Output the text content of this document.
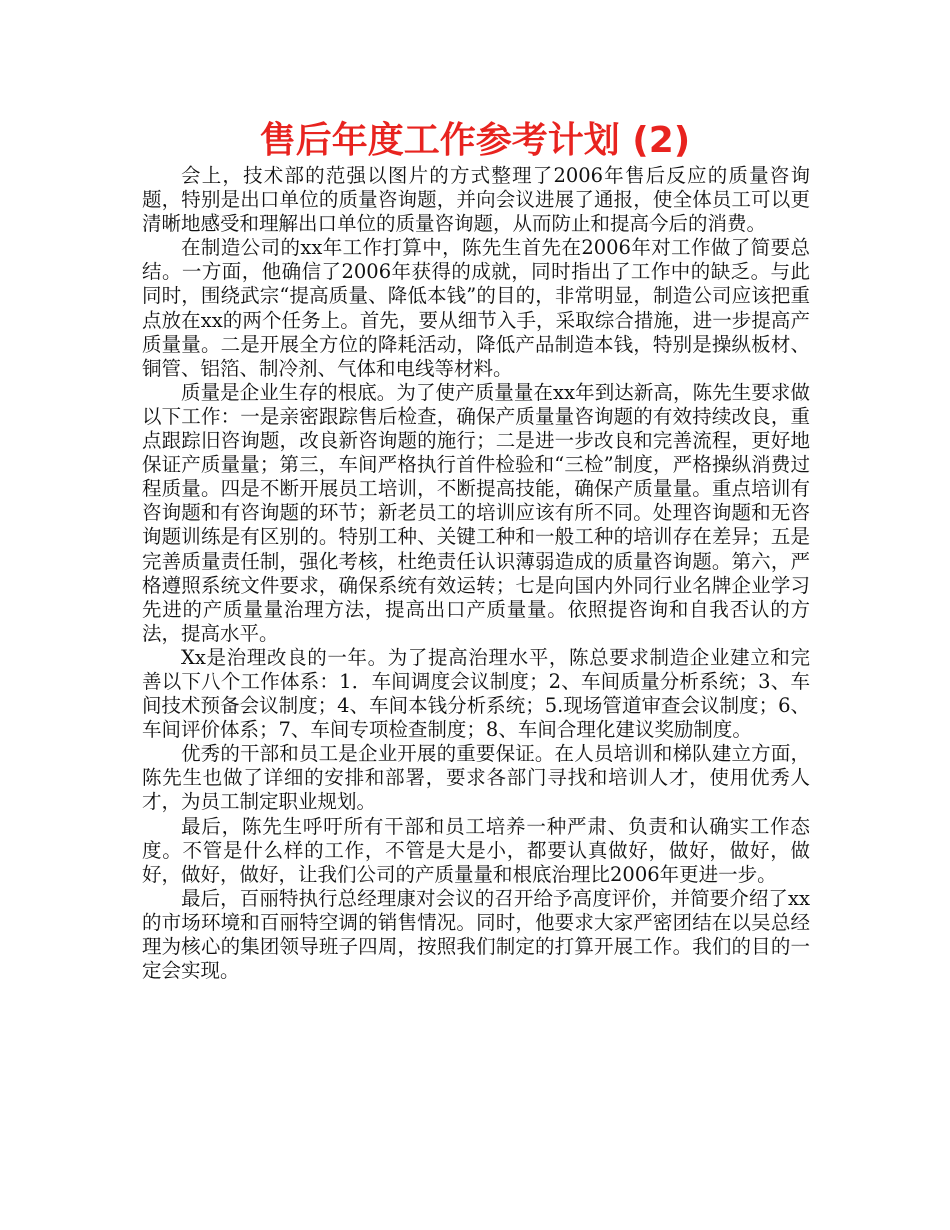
售后年度工作参考计划 (2)

会上，技术部的范强以图片的方式整理了2006年售后反应的质量咨询题，特别是出口单位的质量咨询题，并向会议进展了通报，使全体员工可以更清晰地感受和理解出口单位的质量咨询题，从而防止和提高今后的消费。

在制造公司的xx年工作打算中，陈先生首先在2006年对工作做了简要总结。一方面，他确信了2006年获得的成就，同时指出了工作中的缺乏。与此同时，围绕武宗“提高质量、降低本钱”的目的，非常明显，制造公司应该把重点放在xx的两个任务上。首先，要从细节入手，采取综合措施，进一步提高产质量量。二是开展全方位的降耗活动，降低产品制造本钱，特别是操纵板材、铜管、铝箔、制冷剂、气体和电线等材料。

质量是企业生存的根底。为了使产质量量在xx年到达新高，陈先生要求做以下工作：一是亲密跟踪售后检查，确保产质量量咨询题的有效持续改良，重点跟踪旧咨询题，改良新咨询题的施行；二是进一步改良和完善流程，更好地保证产质量量；第三，车间严格执行首件检验和“三检”制度，严格操纵消费过程质量。四是不断开展员工培训，不断提高技能，确保产质量量。重点培训有咨询题和有咨询题的环节；新老员工的培训应该有所不同。处理咨询题和无咨询题训练是有区别的。特别工种、关键工种和一般工种的培训存在差异；五是完善质量责任制，强化考核，杜绝责任认识薄弱造成的质量咨询题。第六，严格遵照系统文件要求，确保系统有效运转；七是向国内外同行业名牌企业学习先进的产质量量治理方法，提高出口产质量量。依照提咨询和自我否认的方法，提高水平。

Xx是治理改良的一年。为了提高治理水平，陈总要求制造企业建立和完善以下八个工作体系：1．车间调度会议制度；2、车间质量分析系统；3、车间技术预备会议制度；4、车间本钱分析系统；5.现场管道审查会议制度；6、车间评价体系；7、车间专项检查制度；8、车间合理化建议奖励制度。

优秀的干部和员工是企业开展的重要保证。在人员培训和梯队建立方面，陈先生也做了详细的安排和部署，要求各部门寻找和培训人才，使用优秀人才，为员工制定职业规划。

最后，陈先生呼吁所有干部和员工培养一种严肃、负责和认确实工作态度。不管是什么样的工作，不管是大是小，都要认真做好，做好，做好，做好，做好，做好，让我们公司的产质量量和根底治理比2006年更进一步。

最后，百丽特执行总经理康对会议的召开给予高度评价，并简要介绍了xx的市场环境和百丽特空调的销售情况。同时，他要求大家严密团结在以吴总经理为核心的集团领导班子四周，按照我们制定的打算开展工作。我们的目的一定会实现。
